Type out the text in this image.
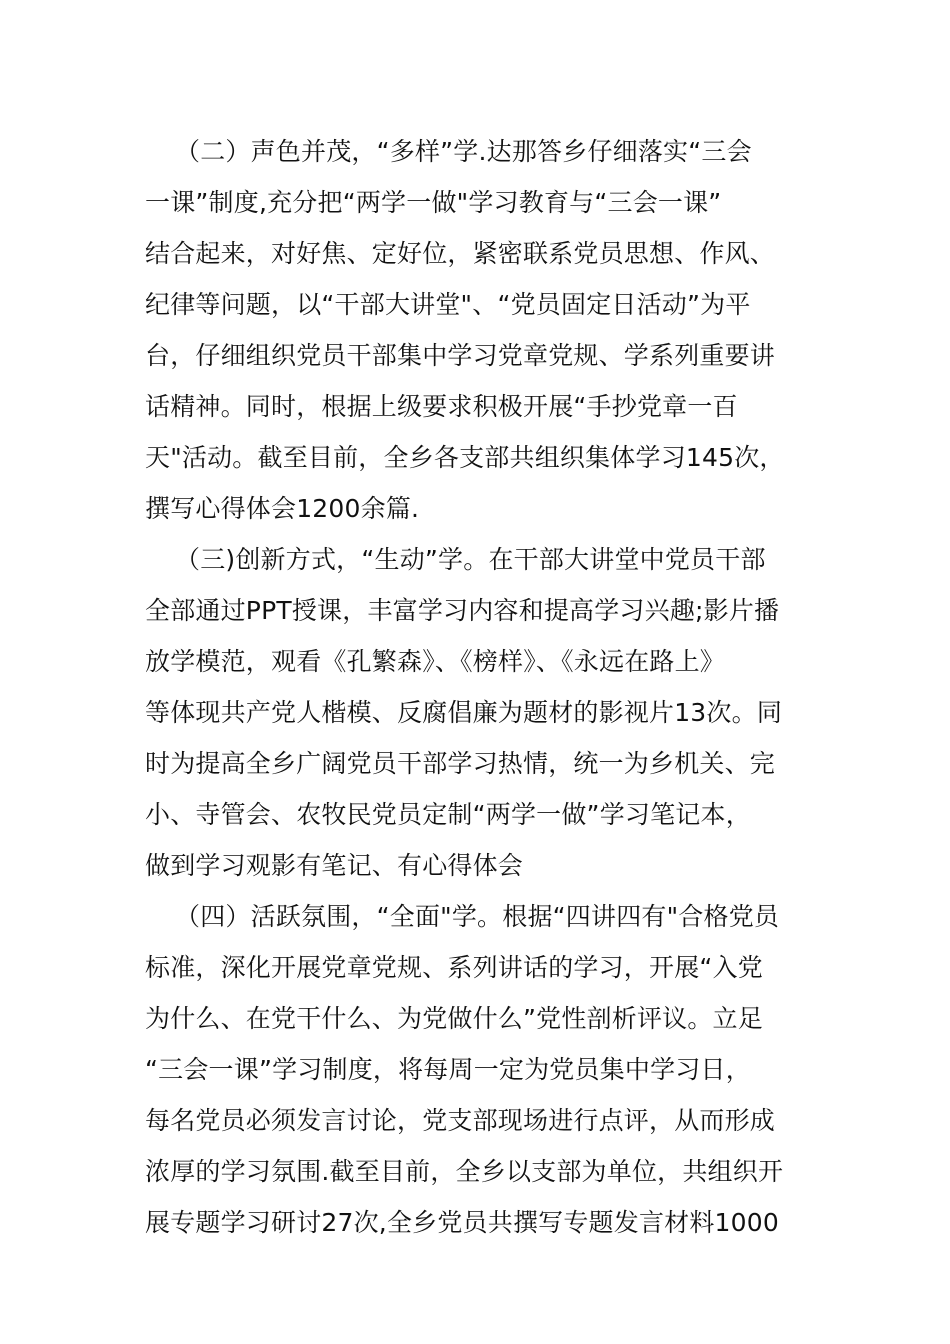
（二）声色并茂，“多样”学.达那答乡仔细落实“三会
一课”制度,充分把“两学一做"学习教育与“三会一课”
结合起来，对好焦、定好位，紧密联系党员思想、作风、
纪律等问题，以“干部大讲堂"、“党员固定日活动”为平
台，仔细组织党员干部集中学习党章党规、学系列重要讲
话精神。同时，根据上级要求积极开展“手抄党章一百
天"活动。截至目前，全乡各支部共组织集体学习145次，
撰写心得体会1200余篇.
（三)创新方式，“生动”学。在干部大讲堂中党员干部
全部通过PPT授课，丰富学习内容和提高学习兴趣;影片播
放学模范，观看《孔繁森》、《榜样》、《永远在路上》
等体现共产党人楷模、反腐倡廉为题材的影视片13次。同
时为提高全乡广阔党员干部学习热情，统一为乡机关、完
小、寺管会、农牧民党员定制“两学一做”学习笔记本，
做到学习观影有笔记、有心得体会
（四）活跃氛围，“全面"学。根据“四讲四有"合格党员
标准，深化开展党章党规、系列讲话的学习，开展“入党
为什么、在党干什么、为党做什么”党性剖析评议。立足
“三会一课”学习制度，将每周一定为党员集中学习日，
每名党员必须发言讨论，党支部现场进行点评，从而形成
浓厚的学习氛围.截至目前，全乡以支部为单位，共组织开
展专题学习研讨27次,全乡党员共撰写专题发言材料1000
